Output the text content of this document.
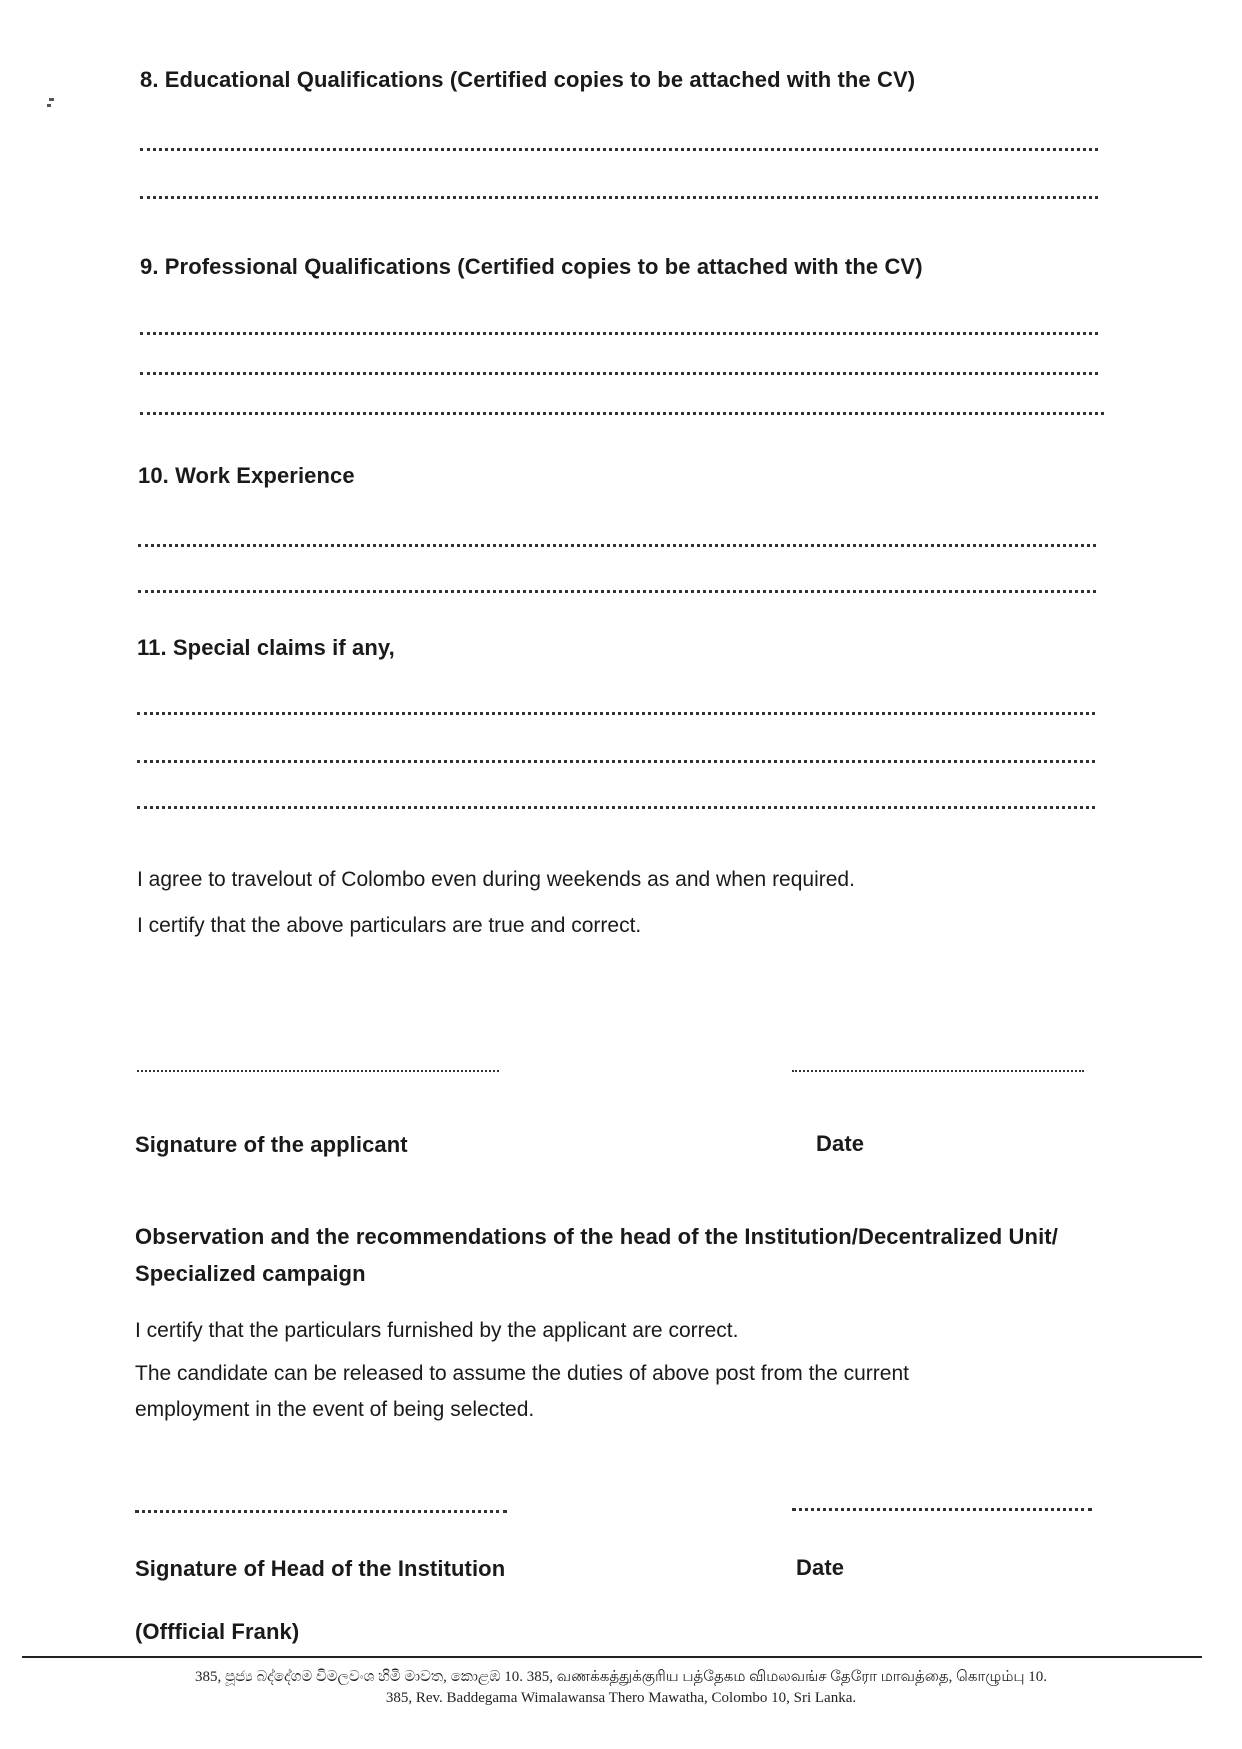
8. Educational Qualifications (Certified copies to be attached with the CV)
9. Professional Qualifications (Certified copies to be attached with the CV)
10. Work Experience
11. Special claims if any,
I agree to travelout of Colombo even during weekends as and when required.
I certify that the above particulars are true and correct.
Signature of the applicant	Date
Observation and the recommendations of the head of the Institution/Decentralized Unit/
Specialized campaign
I certify that the particulars furnished by the applicant are correct.
The candidate can be released to assume the duties of above post from the current
employment in the event of being selected.
Signature of Head of the Institution	Date
(Offficial Frank)
385, පූජ්‍ය බද්දේගම විමලවංශ හිමි මාවත, කොළඹ 10. 385, வணக்கத்துக்குரிய பத்தேகம விமலவங்ச தேரோ மாவத்தை, கொழும்பு 10.
385, Rev. Baddegama Wimalawansa Thero Mawatha, Colombo 10, Sri Lanka.
